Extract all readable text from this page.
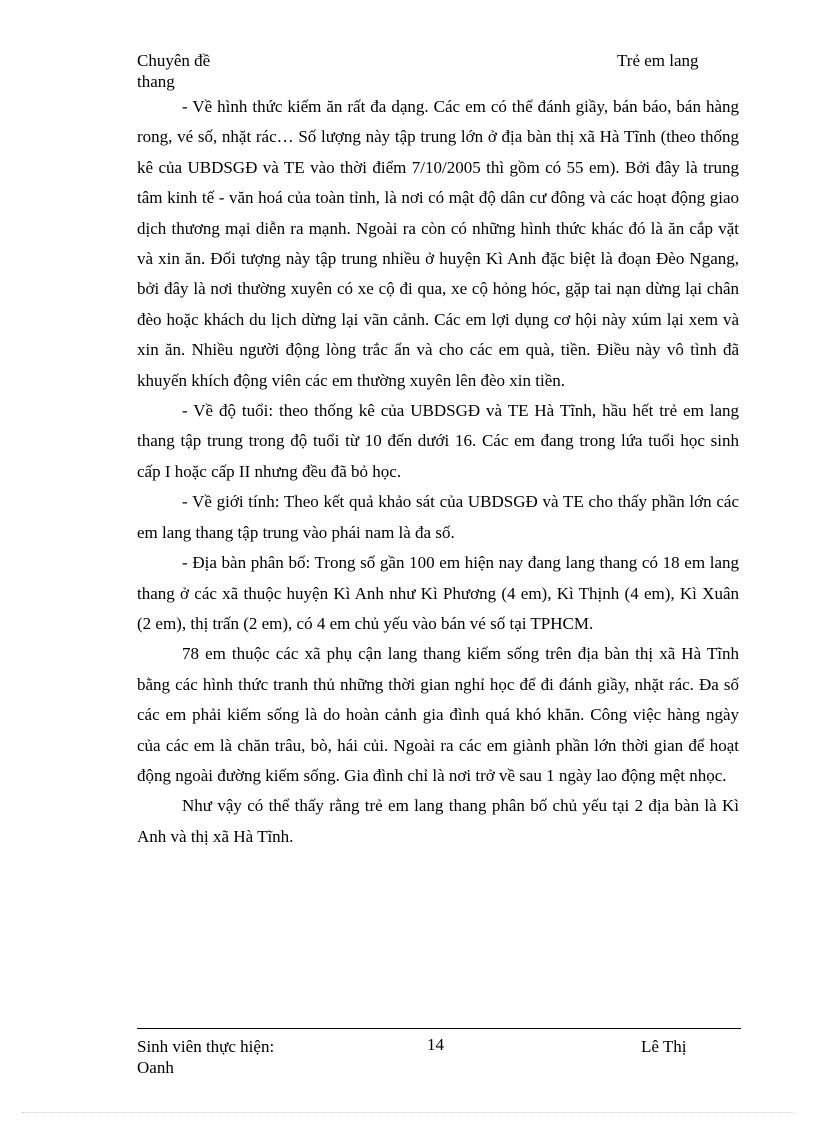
Chuyên đề
thang
Trẻ em lang

- Về hình thức kiếm ăn rất đa dạng. Các em có thể đánh giầy, bán báo, bán hàng rong, vé số, nhặt rác… Số lượng này tập trung lớn ở địa bàn thị xã Hà Tĩnh (theo thống kê của UBDSGĐ và TE vào thời điểm 7/10/2005 thì gồm có 55 em). Bởi đây là trung tâm kinh tế - văn hoá của toàn tỉnh, là nơi có mật độ dân cư đông và các hoạt động giao dịch thương mại diễn ra mạnh. Ngoài ra còn có những hình thức khác đó là ăn cắp vặt và xin ăn. Đối tượng này tập trung nhiều ở huyện Kì Anh đặc biệt là đoạn Đèo Ngang, bởi đây là nơi thường xuyên có xe cộ đi qua, xe cộ hỏng hóc, gặp tai nạn dừng lại chân đèo hoặc khách du lịch dừng lại vãn cảnh. Các em lợi dụng cơ hội này xúm lại xem và xin ăn. Nhiều người động lòng trắc ẩn và cho các em quà, tiền. Điều này vô tình đã khuyến khích động viên các em thường xuyên lên đèo xin tiền.

- Về độ tuổi: theo thống kê của UBDSGĐ và TE Hà Tĩnh, hầu hết trẻ em lang thang tập trung trong độ tuổi từ 10 đến dưới 16. Các em đang trong lứa tuổi học sinh cấp I hoặc cấp II nhưng đều đã bỏ học.

- Về giới tính: Theo kết quả khảo sát của UBDSGĐ và TE cho thấy phần lớn các em lang thang tập trung vào phái nam là đa số.

- Địa bàn phân bố: Trong số gần 100 em hiện nay đang lang thang có 18 em lang thang ở các xã thuộc huyện Kì Anh như Kì Phương (4 em), Kì Thịnh (4 em), Kì Xuân (2 em), thị trấn (2 em), có 4 em chủ yếu vào bán vé số tại TPHCM.

78 em thuộc các xã phụ cận lang thang kiếm sống trên địa bàn thị xã Hà Tĩnh bằng các hình thức tranh thủ những thời gian nghỉ học để đi đánh giầy, nhặt rác. Đa số các em phải kiếm sống là do hoàn cảnh gia đình quá khó khăn. Công việc hàng ngày của các em là chăn trâu, bò, hái củi. Ngoài ra các em giành phần lớn thời gian để hoạt động ngoài đường kiếm sống. Gia đình chỉ là nơi trở về sau 1 ngày lao động mệt nhọc.

Như vậy có thể thấy rằng trẻ em lang thang phân bố chủ yếu tại 2 địa bàn là Kì Anh và thị xã Hà Tĩnh.

Sinh viên thực hiện:
Oanh
14	Lê Thị
